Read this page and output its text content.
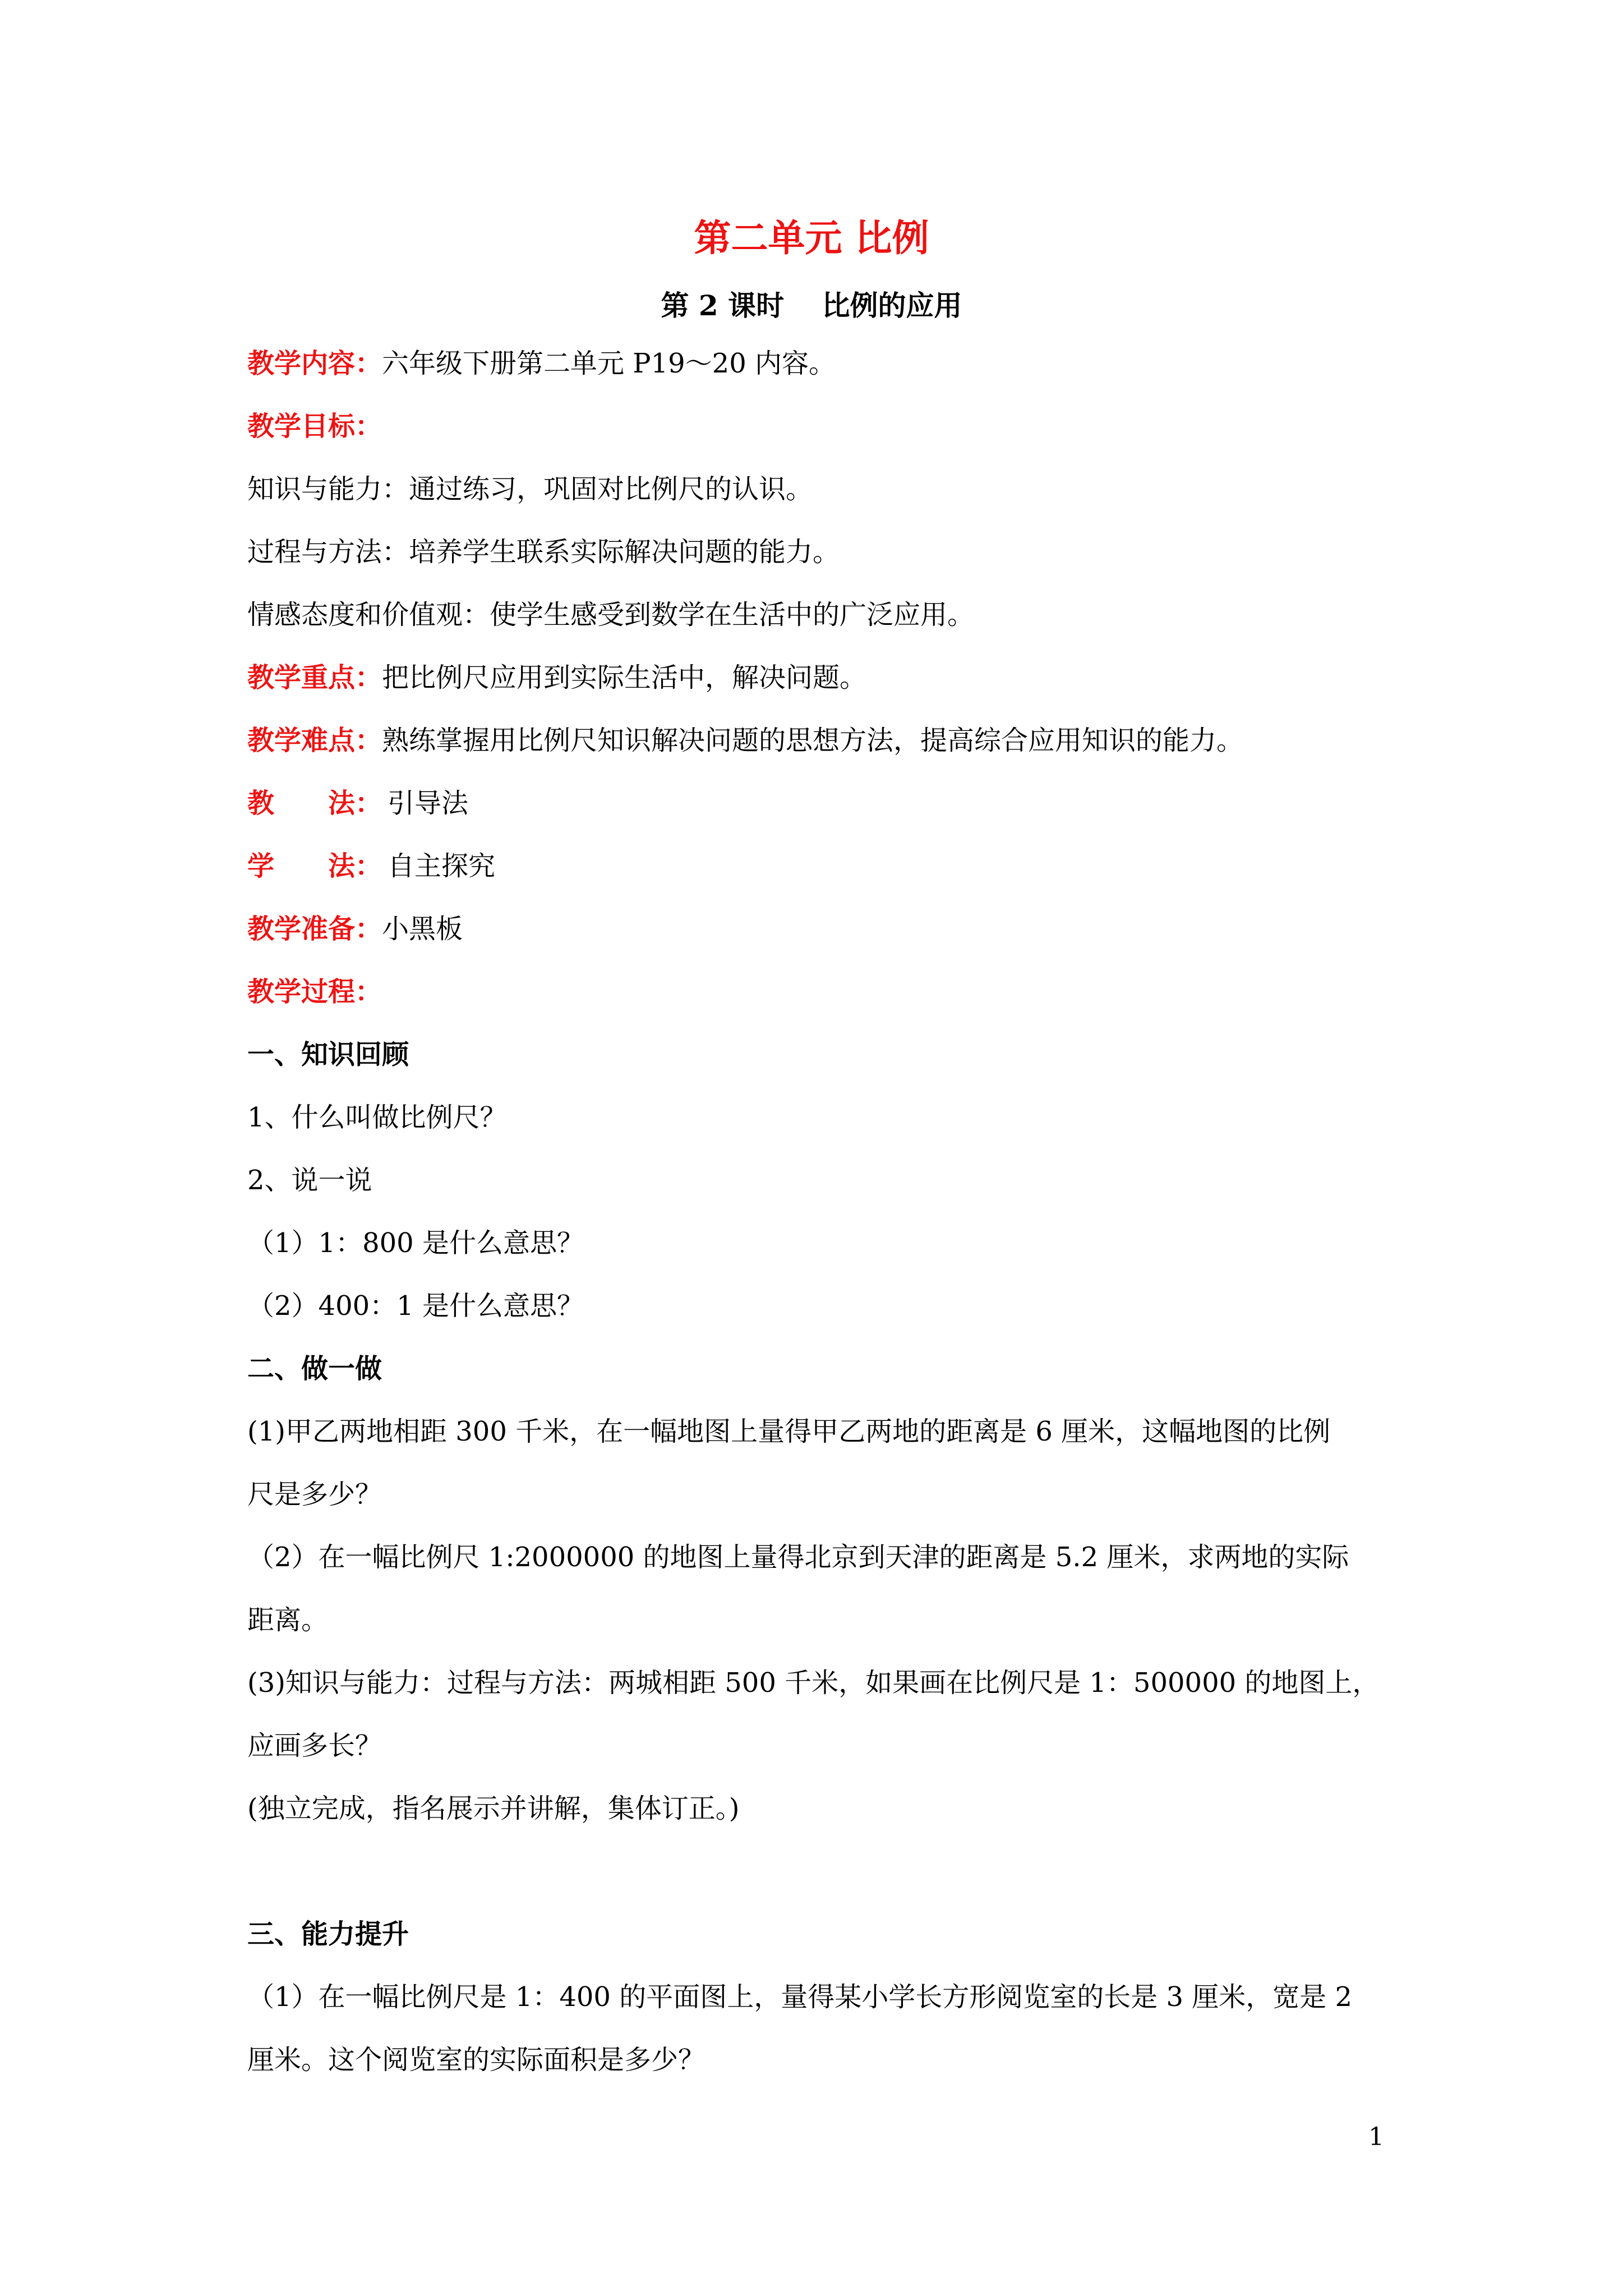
第二单元 比例
第 2 课时　 比例的应用
教学内容：六年级下册第二单元 P19～20 内容。
教学目标：
知识与能力：通过练习，巩固对比例尺的认识。
过程与方法：培养学生联系实际解决问题的能力。
情感态度和价值观：使学生感受到数学在生活中的广泛应用。
教学重点：把比例尺应用到实际生活中，解决问题。
教学难点：熟练掌握用比例尺知识解决问题的思想方法，提高综合应用知识的能力。
教　　法： 引导法
学　　法： 自主探究
教学准备：小黑板
教学过程：
一、知识回顾
1、什么叫做比例尺？
2、说一说
（1）1：800 是什么意思？
（2）400：1 是什么意思？
二、做一做
(1)甲乙两地相距 300 千米，在一幅地图上量得甲乙两地的距离是 6 厘米，这幅地图的比例
尺是多少？
（2）在一幅比例尺 1:2000000 的地图上量得北京到天津的距离是 5.2 厘米，求两地的实际
距离。
(3)知识与能力：过程与方法：两城相距 500 千米，如果画在比例尺是 1：500000 的地图上，
应画多长？
(独立完成，指名展示并讲解，集体订正。)
三、能力提升
（1）在一幅比例尺是 1：400 的平面图上，量得某小学长方形阅览室的长是 3 厘米，宽是 2
厘米。这个阅览室的实际面积是多少？
1
